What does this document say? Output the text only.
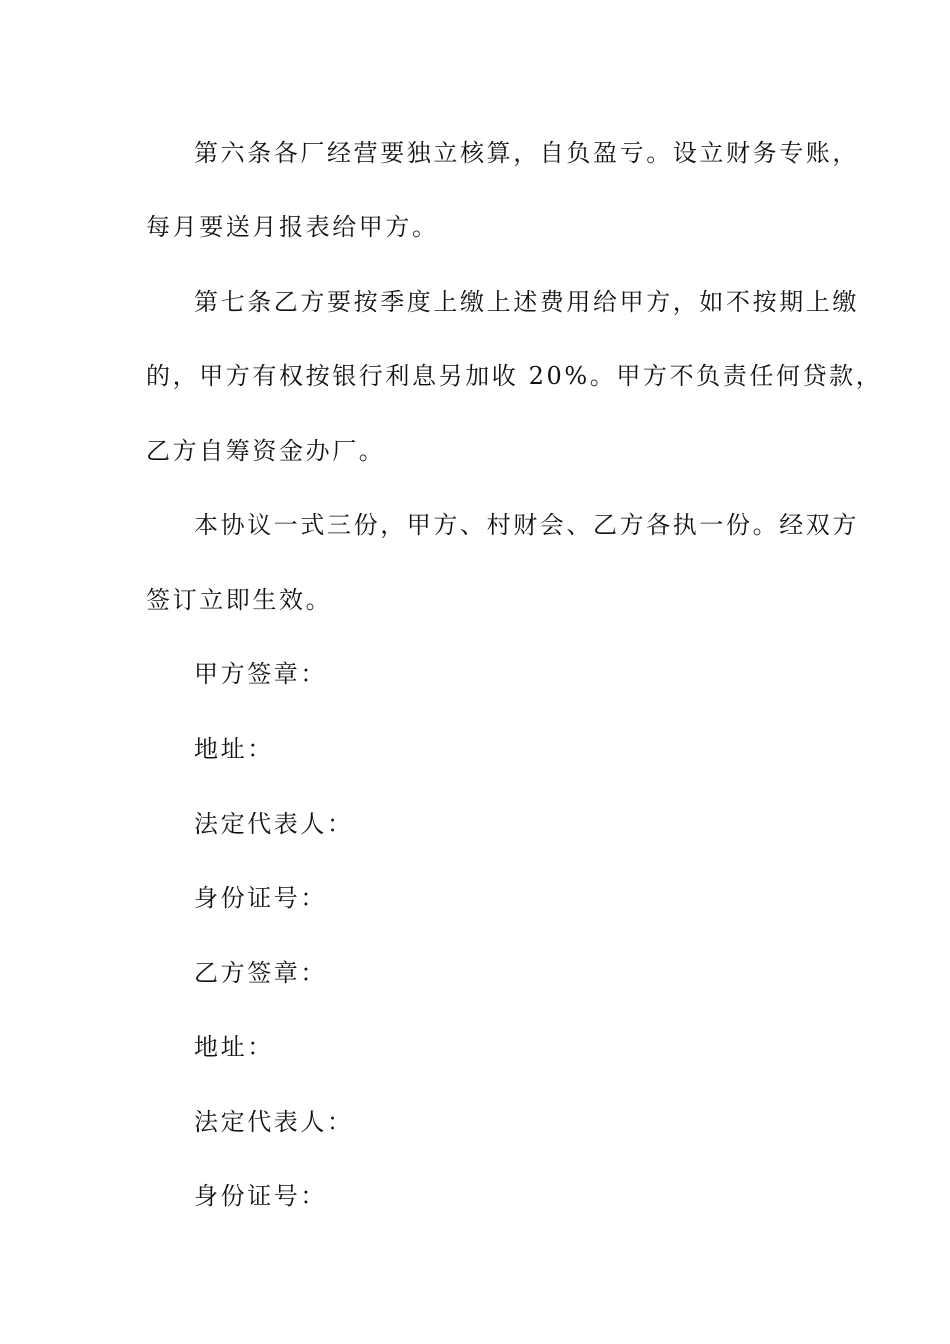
第六条各厂经营要独立核算，自负盈亏。设立财务专账，
每月要送月报表给甲方。
第七条乙方要按季度上缴上述费用给甲方，如不按期上缴
的，甲方有权按银行利息另加收 20%。甲方不负责任何贷款，
乙方自筹资金办厂。
本协议一式三份，甲方、村财会、乙方各执一份。经双方
签订立即生效。
甲方签章：
地址：
法定代表人：
身份证号：
乙方签章：
地址：
法定代表人：
身份证号：
